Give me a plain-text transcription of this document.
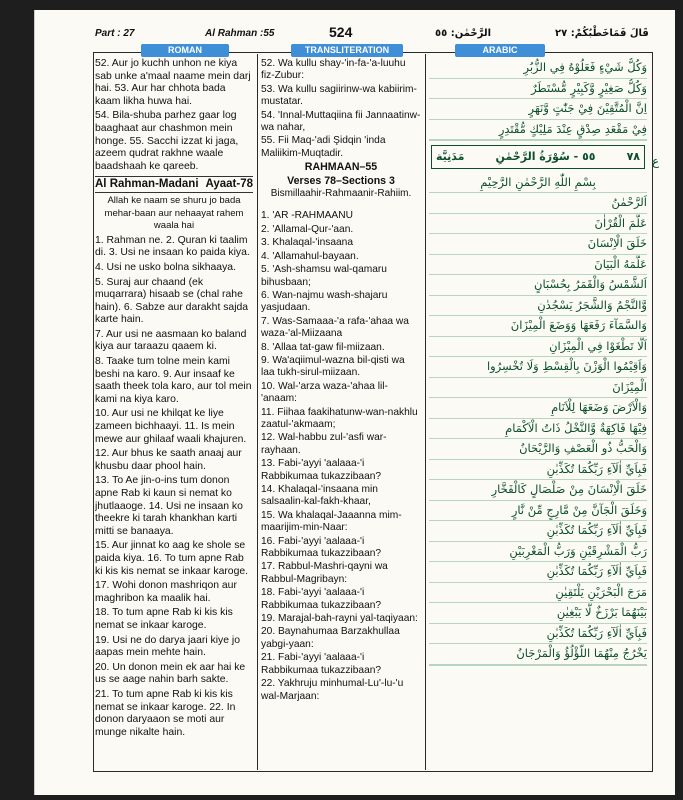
Part : 27	Al Rahman :55	524	الرَّحْمٰن: ٥٥	قَالَ فَمَاخَطْبُكُمْ: ٢٧
ROMAN	TRANSLITERATION	ARABIC
ع

52. Aur jo kuchh unhon ne kiya sab unke a'maal naame mein darj hai. 53. Aur har chhota bada kaam likha huwa hai.

54. Bila-shuba parhez gaar log baaghaat aur chashmon mein honge. 55. Sacchi izzat ki jaga, azeem qudrat rakhne waale baadshaah ke qareeb.

Al Rahman-Madani Ayaat-78

Allah ke naam se shuru jo bada mehar-baan aur nehaayat rahem waala hai

1. Rahman ne. 2. Quran ki taalim di. 3. Usi ne insaan ko paida kiya.

4. Usi ne usko bolna sikhaaya.

5. Suraj aur chaand (ek muqarrara) hisaab se (chal rahe hain). 6. Sabze aur darakht sajda karte hain.

7. Aur usi ne aasmaan ko baland kiya aur taraazu qaaem ki.

8. Taake tum tolne mein kami beshi na karo. 9. Aur insaaf ke saath theek tola karo, aur tol mein kami na kiya karo.

10. Aur usi ne khilqat ke liye zameen bichhaayi. 11. Is mein mewe aur ghilaaf waali khajuren.

12. Aur bhus ke saath anaaj aur khusbu daar phool hain.

13. To Ae jin-o-ins tum donon apne Rab ki kaun si nemat ko jhutlaaoge. 14. Usi ne insaan ko theekre ki tarah khankhan karti mitti se banaaya.

15. Aur jinnat ko aag ke shole se paida kiya. 16. To tum apne Rab ki kis kis nemat se inkaar karoge.

17. Wohi donon mashriqon aur maghribon ka maalik hai.

18. To tum apne Rab ki kis kis nemat se inkaar karoge.

19. Usi ne do darya jaari kiye jo aapas mein mehte hain.

20. Un donon mein ek aar hai ke us se aage nahin barh sakte.

21. To tum apne Rab ki kis kis nemat se inkaar karoge. 22. In donon daryaaon se moti aur munge nikalte hain.

52. Wa kullu shay-'in-fa-'a-luuhu fiz-Zubur:

53. Wa kullu sagiirinw-wa kabiirim-mustatar.

54. 'Innal-Muttaqiina fii Jannaatinw-wa nahar,

55. Fii Maq-'adi Şidqin 'inda Maliikim-Muqtadir.

RAHMAAN–55

Verses 78–Sections 3

Bismillaahir-Rahmaanir-Rahiim.

1. 'AR -RAHMAANU

2. 'Allamal-Qur-'aan.

3. Khalaqal-'insaana

4. 'Allamahul-bayaan.

5. 'Ash-shamsu wal-qamaru bihusbaan;

6. Wan-najmu wash-shajaru yasjudaan.

7. Was-Samaaa-'a rafa-'ahaa wa waza-'al-Miizaana

8. 'Allaa tat-gaw fil-miizaan.

9. Wa'aqiimul-wazna bil-qisti wa laa tukh-sirul-miizaan.

10. Wal-'arza waza-'ahaa lil-'anaam:

11. Fiihaa faakihatunw-wan-nakhlu zaatul-'akmaam;

12. Wal-habbu zul-'asfi war-rayhaan.

13. Fabi-'ayyi 'aalaaa-'i Rabbikumaa tukazzibaan?

14. Khalaqal-'insaana min salsaalin-kal-fakh-khaar,

15. Wa khalaqal-Jaaanna mim-maarijim-min-Naar:

16. Fabi-'ayyi 'aalaaa-'i Rabbikumaa tukazzibaan?

17. Rabbul-Mashri-qayni wa Rabbul-Magribayn:

18. Fabi-'ayyi 'aalaaa-'i Rabbikumaa tukazzibaan?

19. Marajal-bah-rayni yal-taqiyaan:

20. Baynahumaa Barzakhullaa yabgi-yaan:

21. Fabi-'ayyi 'aalaaa-'i Rabbikumaa tukazzibaan?

22. Yakhruju minhumal-Lu'-lu-'u wal-Marjaan:

وَكُلُّ شَيْءٍ فَعَلُوْهُ فِي الزُّبُرِ
وَكُلُّ صَغِيْرٍ وَّكَبِيْرٍ مُّسْتَطَرٌ
اِنَّ الْمُتَّقِيْنَ فِيْ جَنّٰتٍ وَّنَهَرٍ
فِيْ مَقْعَدِ صِدْقٍ عِنْدَ مَلِيْكٍ مُّقْتَدِرٍ
٧٨
٥٥ - سُوْرَةُ الرَّحْمٰنِ
مَدَنِيَّة
بِسْمِ اللّٰهِ الرَّحْمٰنِ الرَّحِيْمِ
اَلرَّحْمٰنُ
عَلَّمَ الْقُرْاٰنَ
خَلَقَ الْاِنْسَانَ
عَلَّمَهُ الْبَيَانَ
اَلشَّمْسُ وَالْقَمَرُ بِحُسْبَانٍ
وَّالنَّجْمُ وَالشَّجَرُ يَسْجُدٰنِ
وَالسَّمَآءَ رَفَعَهَا وَوَضَعَ الْمِيْزَانَ
اَلَّا تَطْغَوْا فِي الْمِيْزَانِ
وَاَقِيْمُوا الْوَزْنَ بِالْقِسْطِ وَلَا تُخْسِرُوا
الْمِيْزَانَ
وَالْاَرْضَ وَضَعَهَا لِلْاَنَامِ
فِيْهَا فَاكِهَةٌ وَّالنَّخْلُ ذَاتُ الْاَكْمَامِ
وَالْحَبُّ ذُو الْعَصْفِ وَالرَّيْحَانُ
فَبِاَيِّ اٰلَآءِ رَبِّكُمَا تُكَذِّبٰنِ
خَلَقَ الْاِنْسَانَ مِنْ صَلْصَالٍ كَالْفَخَّارِ
وَخَلَقَ الْجَآنَّ مِنْ مَّارِجٍ مِّنْ نَّارٍ
فَبِاَيِّ اٰلَآءِ رَبِّكُمَا تُكَذِّبٰنِ
رَبُّ الْمَشْرِقَيْنِ وَرَبُّ الْمَغْرِبَيْنِ
فَبِاَيِّ اٰلَآءِ رَبِّكُمَا تُكَذِّبٰنِ
مَرَجَ الْبَحْرَيْنِ يَلْتَقِيٰنِ
بَيْنَهُمَا بَرْزَخٌ لَّا يَبْغِيٰنِ
فَبِاَيِّ اٰلَآءِ رَبِّكُمَا تُكَذِّبٰنِ
يَخْرُجُ مِنْهُمَا اللُّؤْلُؤُ وَالْمَرْجَانُ
